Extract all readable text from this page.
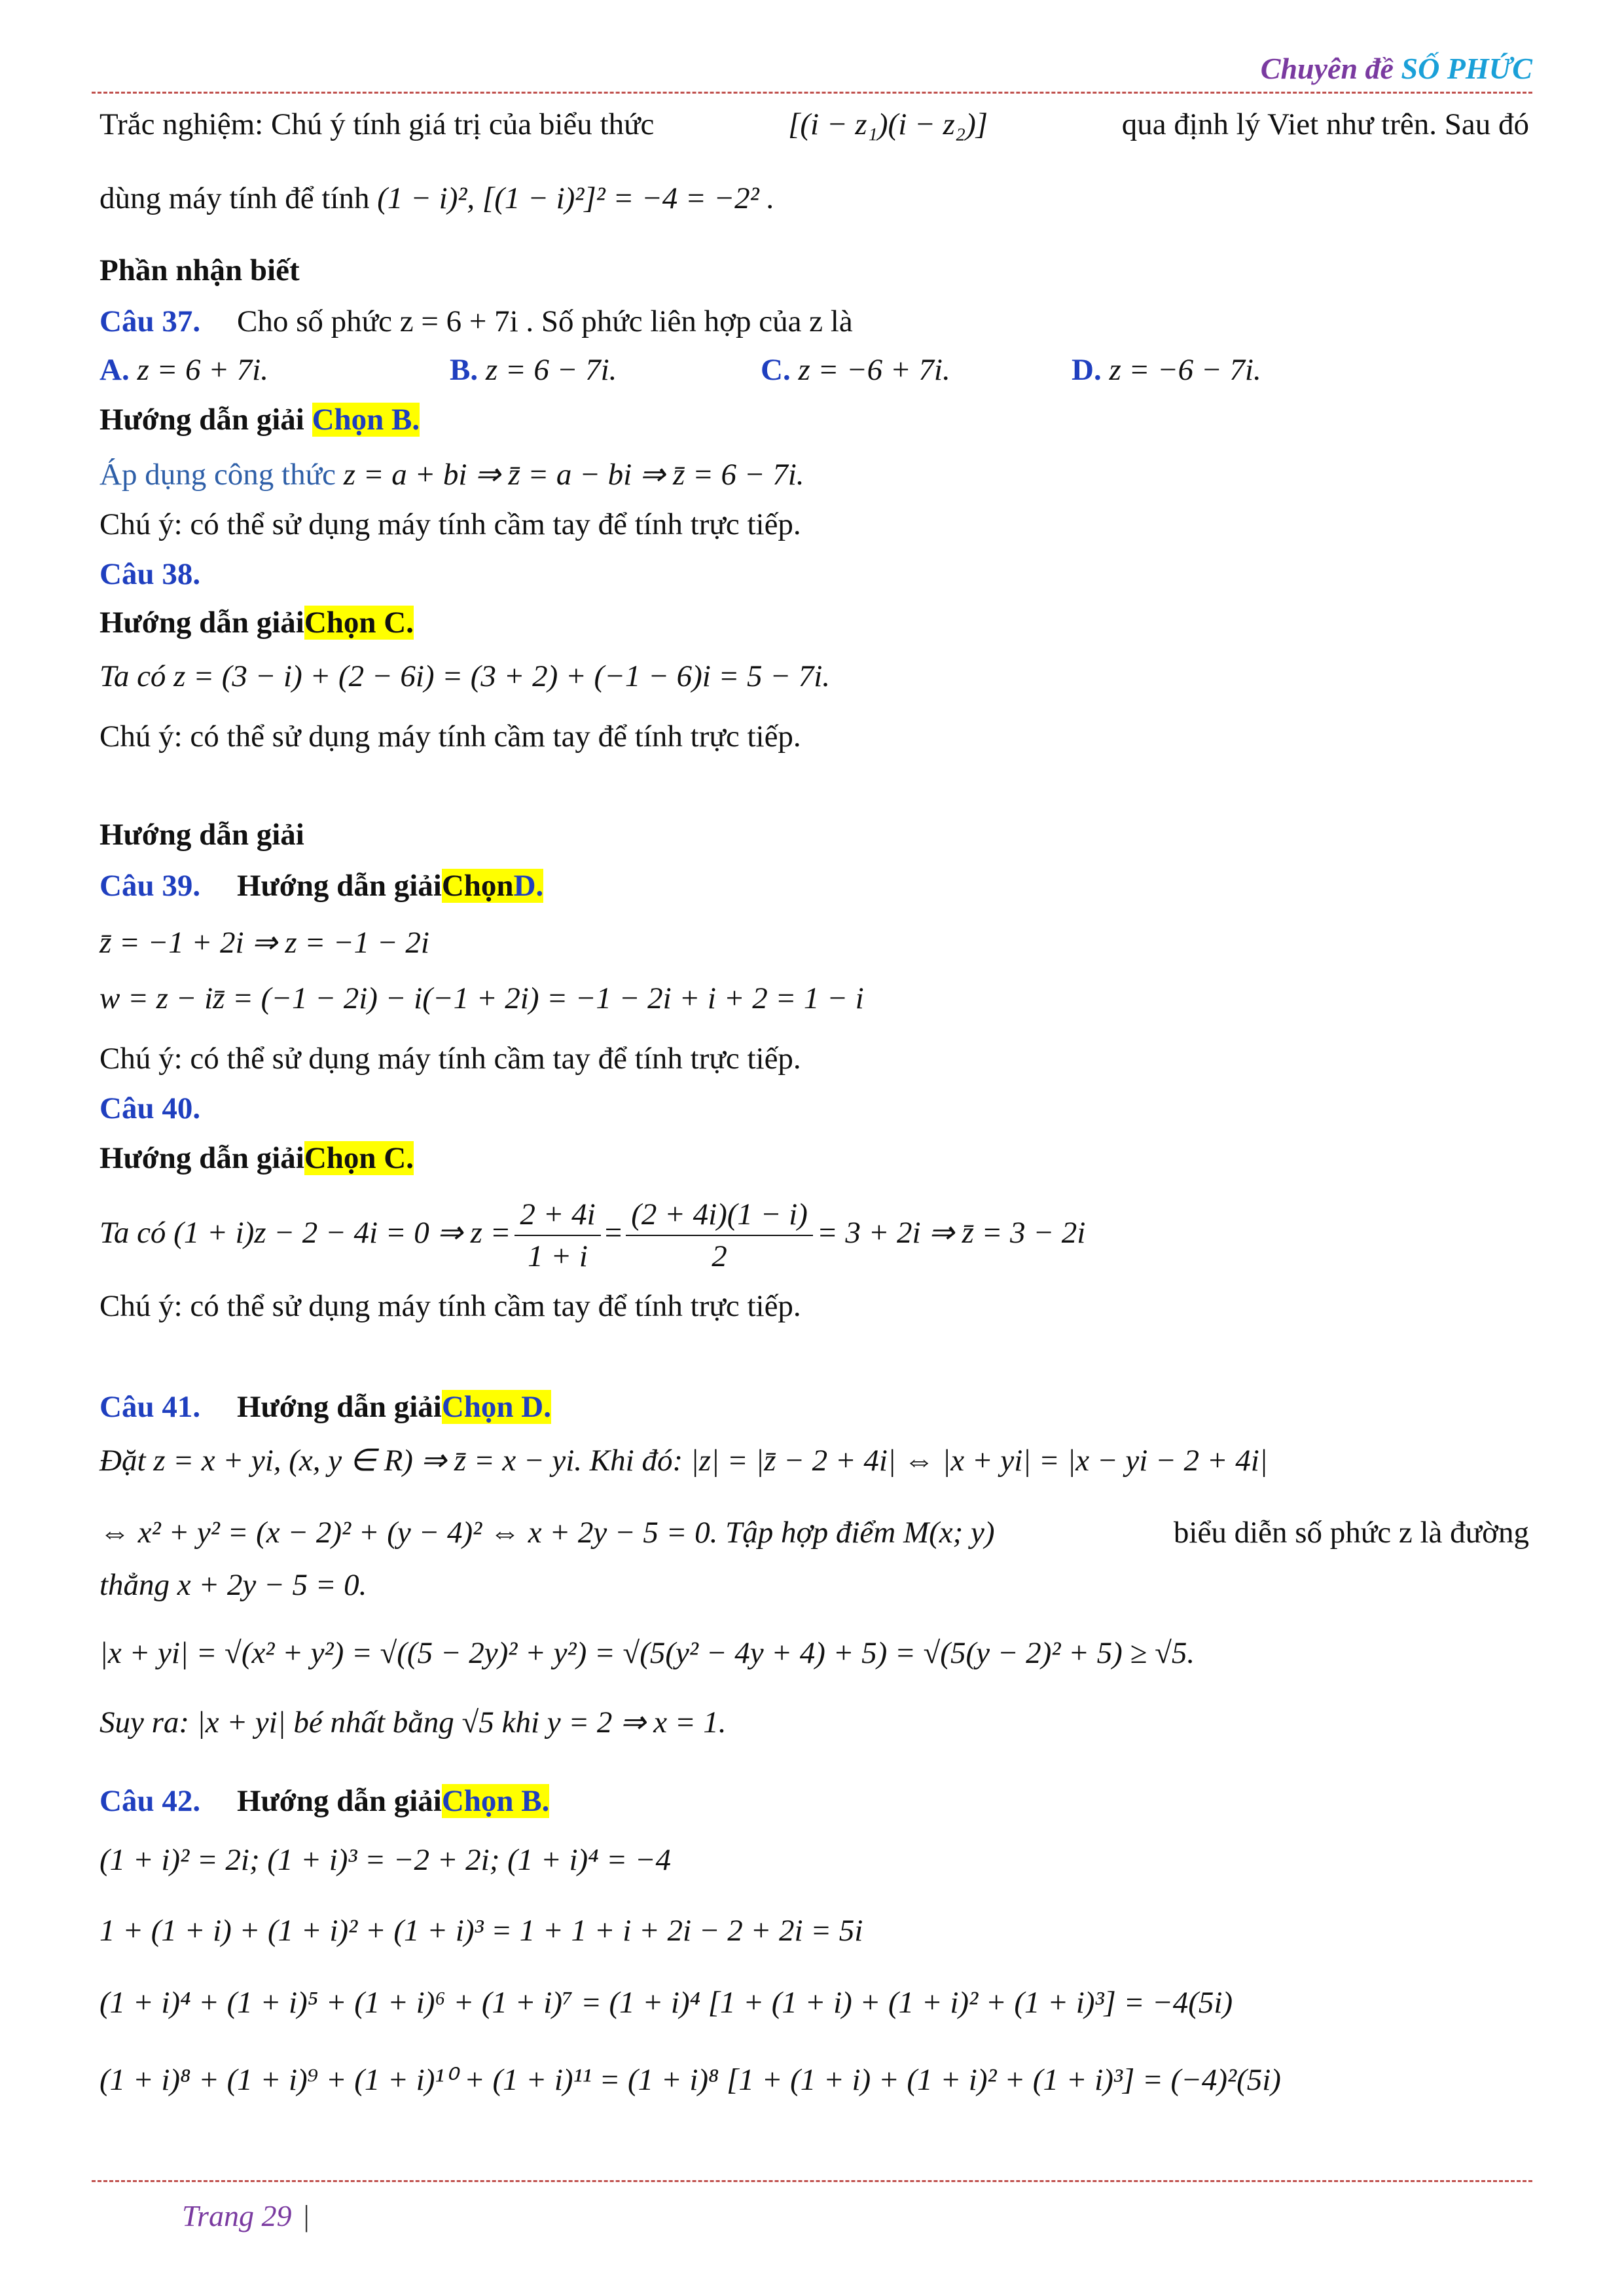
Chuyên đề SỐ PHỨC
Trắc nghiệm: Chú ý tính giá trị của biểu thức	[(i − z₁)(i − z₂)]	qua định lý Viet như trên. Sau đó
dùng máy tính để tính (1 − i)², [(1 − i)²]² = −4 = −2² .
Phần nhận biết
Câu 37. Cho số phức z = 6 + 7i . Số phức liên hợp của z là
A. z = 6 + 7i.	B. z = 6 − 7i.	C. z = −6 + 7i.	D. z = −6 − 7i.
Hướng dẫn giải Chọn B.
Áp dụng công thức z = a + bi ⇒ z̄ = a − bi ⇒ z̄ = 6 − 7i.
Chú ý: có thể sử dụng máy tính cầm tay để tính trực tiếp.
Câu 38.
Hướng dẫn giảiChọn C.
Ta có z = (3 − i) + (2 − 6i) = (3 + 2) + (−1 − 6)i = 5 − 7i.
Chú ý: có thể sử dụng máy tính cầm tay để tính trực tiếp.
Hướng dẫn giải
Câu 39. Hướng dẫn giảiChọnD.
z̄ = −1 + 2i ⇒ z = −1 − 2i
w = z − iz̄ = (−1 − 2i) − i(−1 + 2i) = −1 − 2i + i + 2 = 1 − i
Chú ý: có thể sử dụng máy tính cầm tay để tính trực tiếp.
Câu 40.
Hướng dẫn giảiChọn C.
Ta có (1 + i)z − 2 − 4i = 0 ⇒ $z = \frac{2 + 4i}{1 + i} = \frac{(2 + 4i)(1 - i)}{2} = 3 + 2i$ ⇒ z̄ = 3 − 2i
Chú ý: có thể sử dụng máy tính cầm tay để tính trực tiếp.
Câu 41. Hướng dẫn giảiChọn D.
Đặt z = x + yi, (x, y ∈ R) ⇒ z̄ = x − yi. Khi đó: |z| = |z̄ − 2 + 4i| ⇔ |x + yi| = |x − yi − 2 + 4i|
⇔ x² + y² = (x − 2)² + (y − 4)² ⇔ x + 2y − 5 = 0. Tập hợp điểm M(x; y)	biểu diễn số phức z là đường
thẳng x + 2y − 5 = 0.
|x + yi| = √(x² + y²) = √((5 − 2y)² + y²) = √(5(y² − 4y + 4) + 5) = √(5(y − 2)² + 5) ≥ √5.
Suy ra: |x + yi| bé nhất bằng √5 khi y = 2 ⇒ x = 1.
Câu 42. Hướng dẫn giảiChọn B.
(1 + i)² = 2i; (1 + i)³ = −2 + 2i; (1 + i)⁴ = −4
1 + (1 + i) + (1 + i)² + (1 + i)³ = 1 + 1 + i + 2i − 2 + 2i = 5i
(1 + i)⁴ + (1 + i)⁵ + (1 + i)⁶ + (1 + i)⁷ = (1 + i)⁴ [1 + (1 + i) + (1 + i)² + (1 + i)³] = −4(5i)
(1 + i)⁸ + (1 + i)⁹ + (1 + i)¹⁰ + (1 + i)¹¹ = (1 + i)⁸ [1 + (1 + i) + (1 + i)² + (1 + i)³] = (−4)²(5i)
Trang 29 |
